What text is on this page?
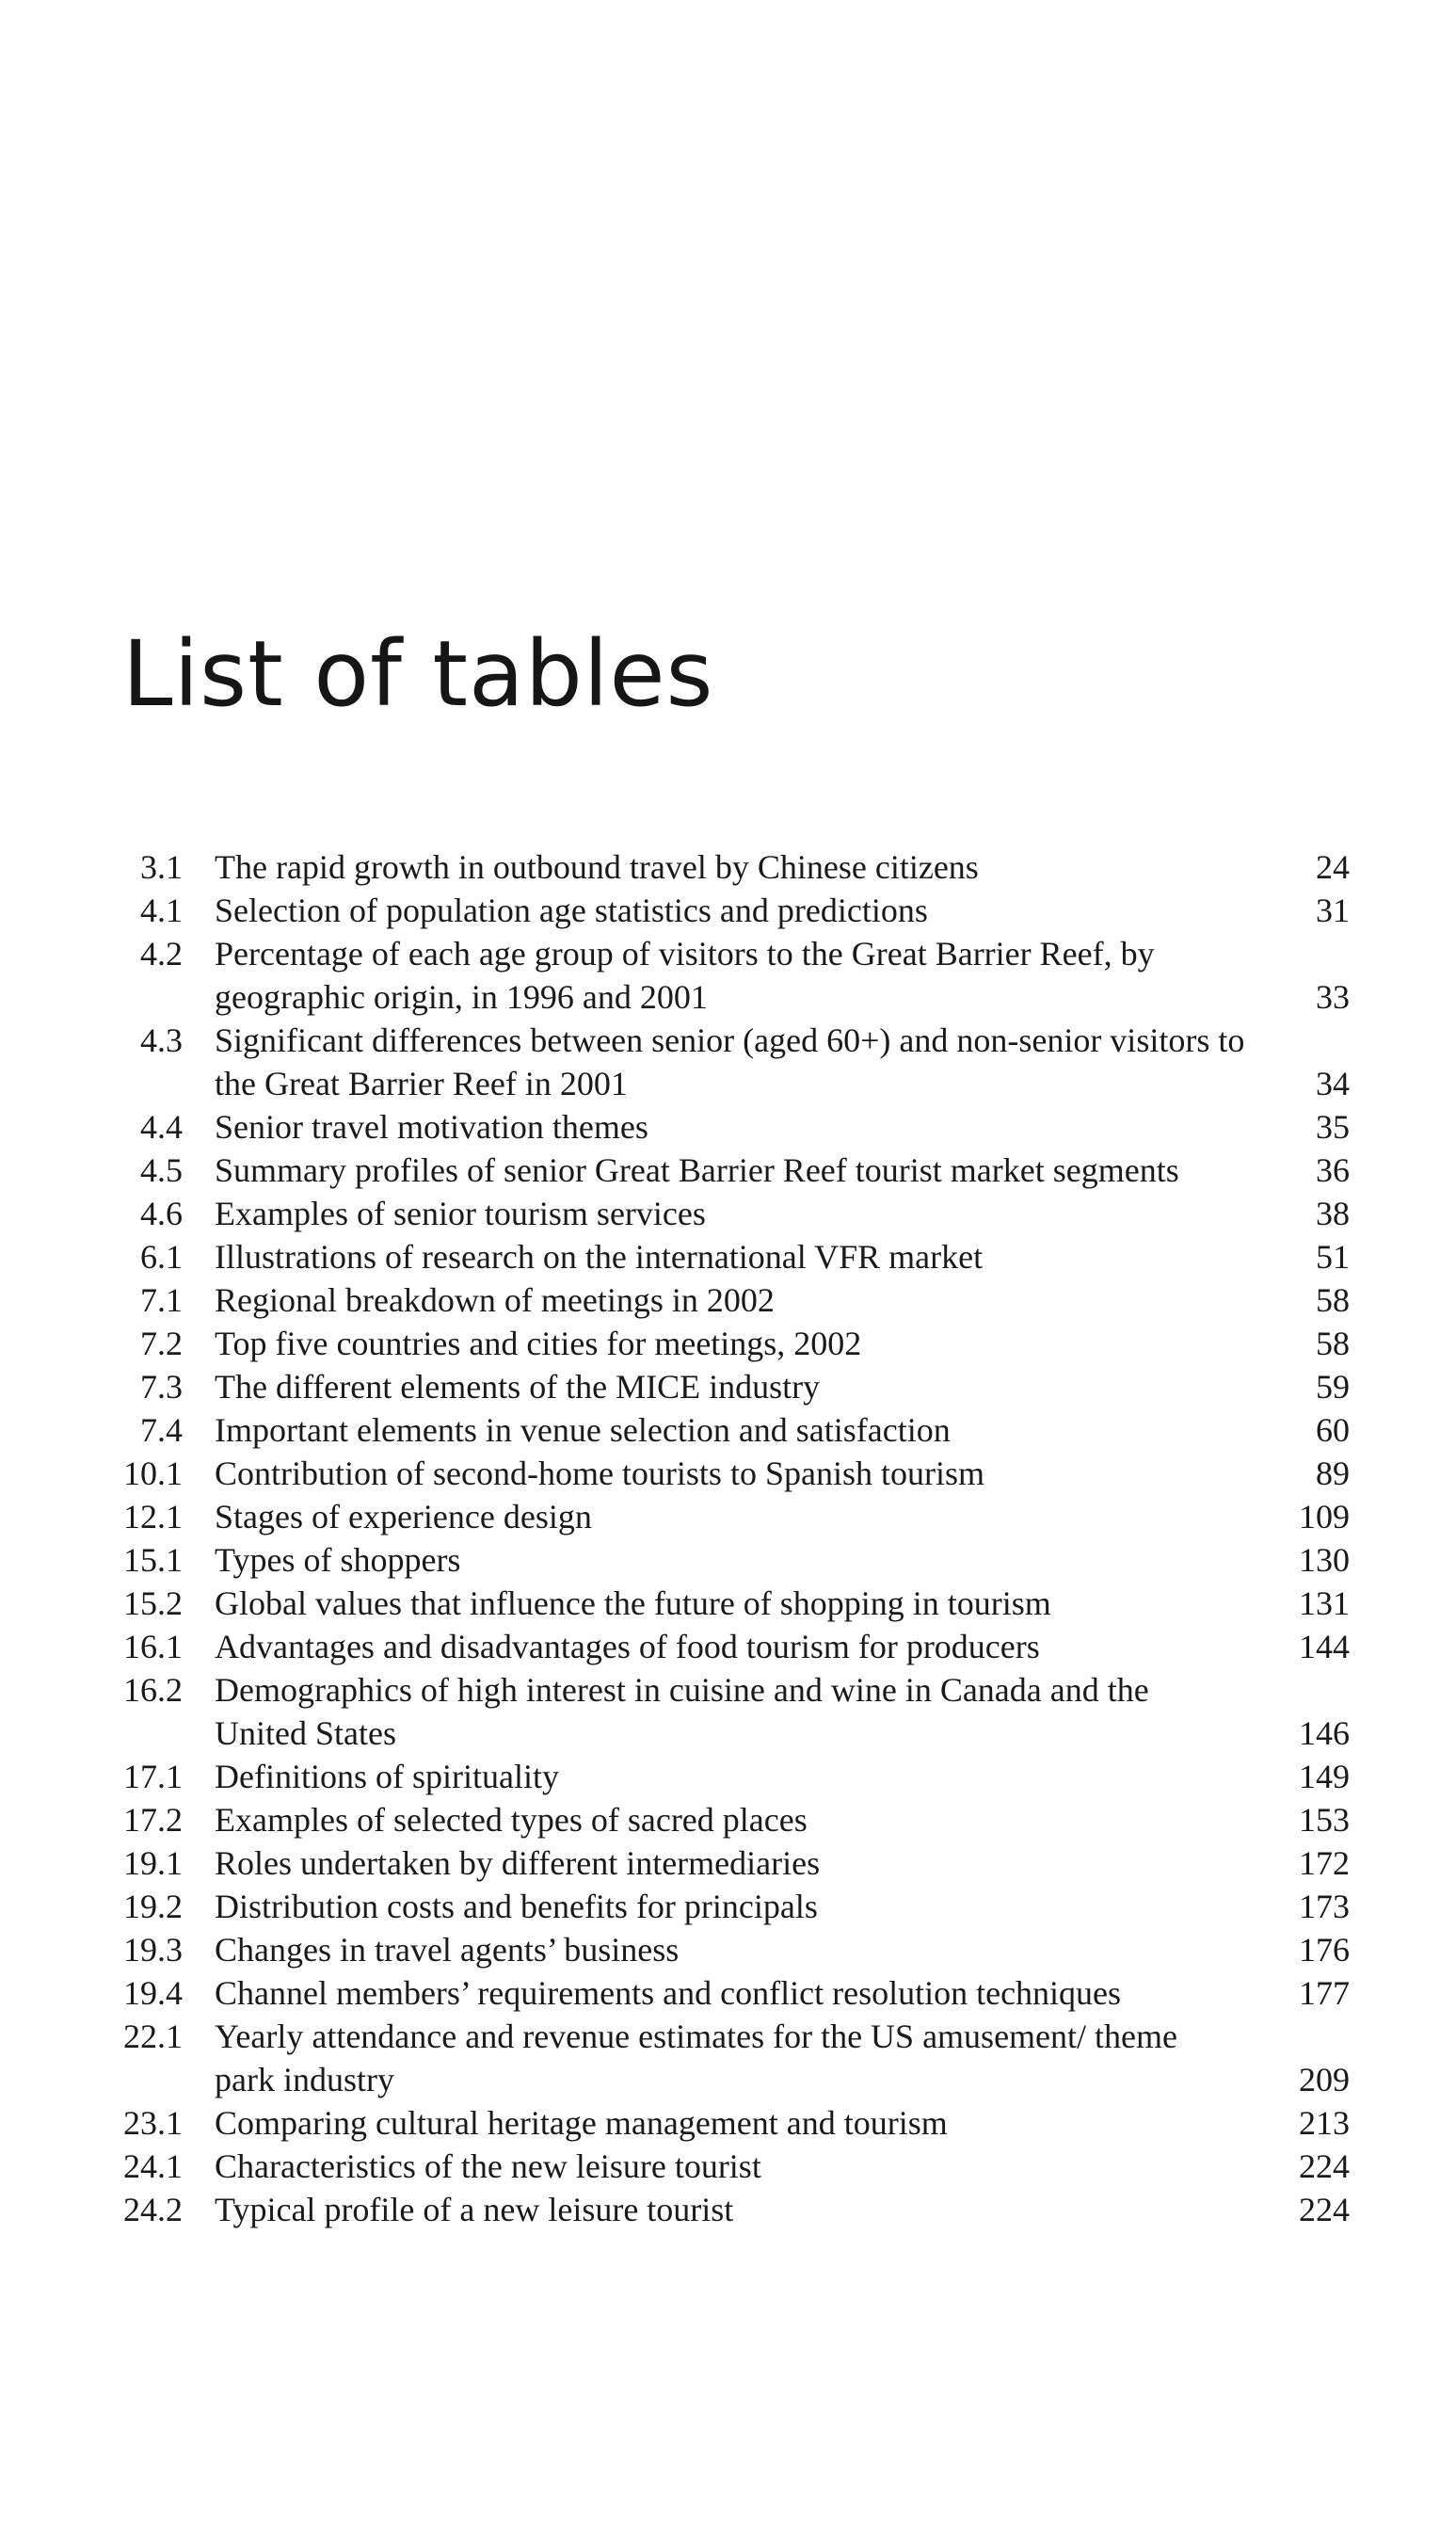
List of tables
3.1 The rapid growth in outbound travel by Chinese citizens	24
4.1 Selection of population age statistics and predictions	31
4.2 Percentage of each age group of visitors to the Great Barrier Reef, by geographic origin, in 1996 and 2001	33
4.3 Significant differences between senior (aged 60+) and non-senior visitors to the Great Barrier Reef in 2001	34
4.4 Senior travel motivation themes	35
4.5 Summary profiles of senior Great Barrier Reef tourist market segments	36
4.6 Examples of senior tourism services	38
6.1 Illustrations of research on the international VFR market	51
7.1 Regional breakdown of meetings in 2002	58
7.2 Top five countries and cities for meetings, 2002	58
7.3 The different elements of the MICE industry	59
7.4 Important elements in venue selection and satisfaction	60
10.1 Contribution of second-home tourists to Spanish tourism	89
12.1 Stages of experience design	109
15.1 Types of shoppers	130
15.2 Global values that influence the future of shopping in tourism	131
16.1 Advantages and disadvantages of food tourism for producers	144
16.2 Demographics of high interest in cuisine and wine in Canada and the United States	146
17.1 Definitions of spirituality	149
17.2 Examples of selected types of sacred places	153
19.1 Roles undertaken by different intermediaries	172
19.2 Distribution costs and benefits for principals	173
19.3 Changes in travel agents’ business	176
19.4 Channel members’ requirements and conflict resolution techniques	177
22.1 Yearly attendance and revenue estimates for the US amusement/ theme park industry	209
23.1 Comparing cultural heritage management and tourism	213
24.1 Characteristics of the new leisure tourist	224
24.2 Typical profile of a new leisure tourist	224
